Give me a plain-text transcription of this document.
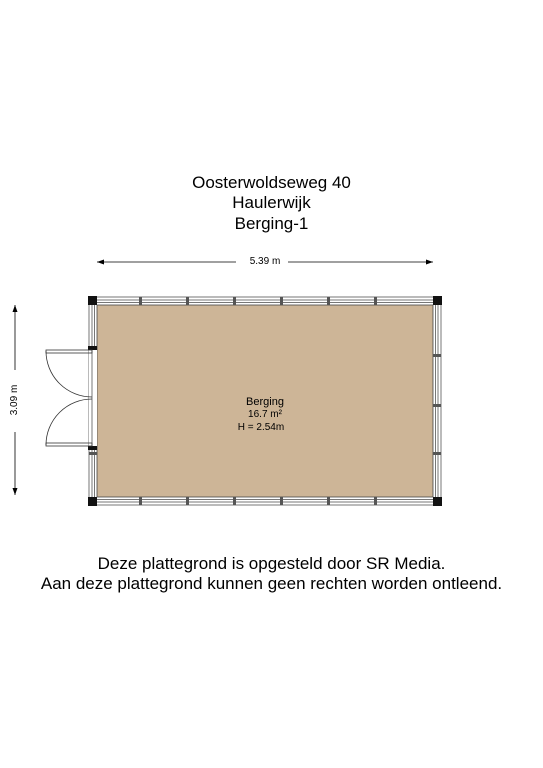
Oosterwoldseweg 40
Haulerwijk
Berging-1
5.39 m
3.09 m	Berging
16.7 m²
H = 2.54m
Deze plattegrond is opgesteld door SR Media.
Aan deze plattegrond kunnen geen rechten worden ontleend.
